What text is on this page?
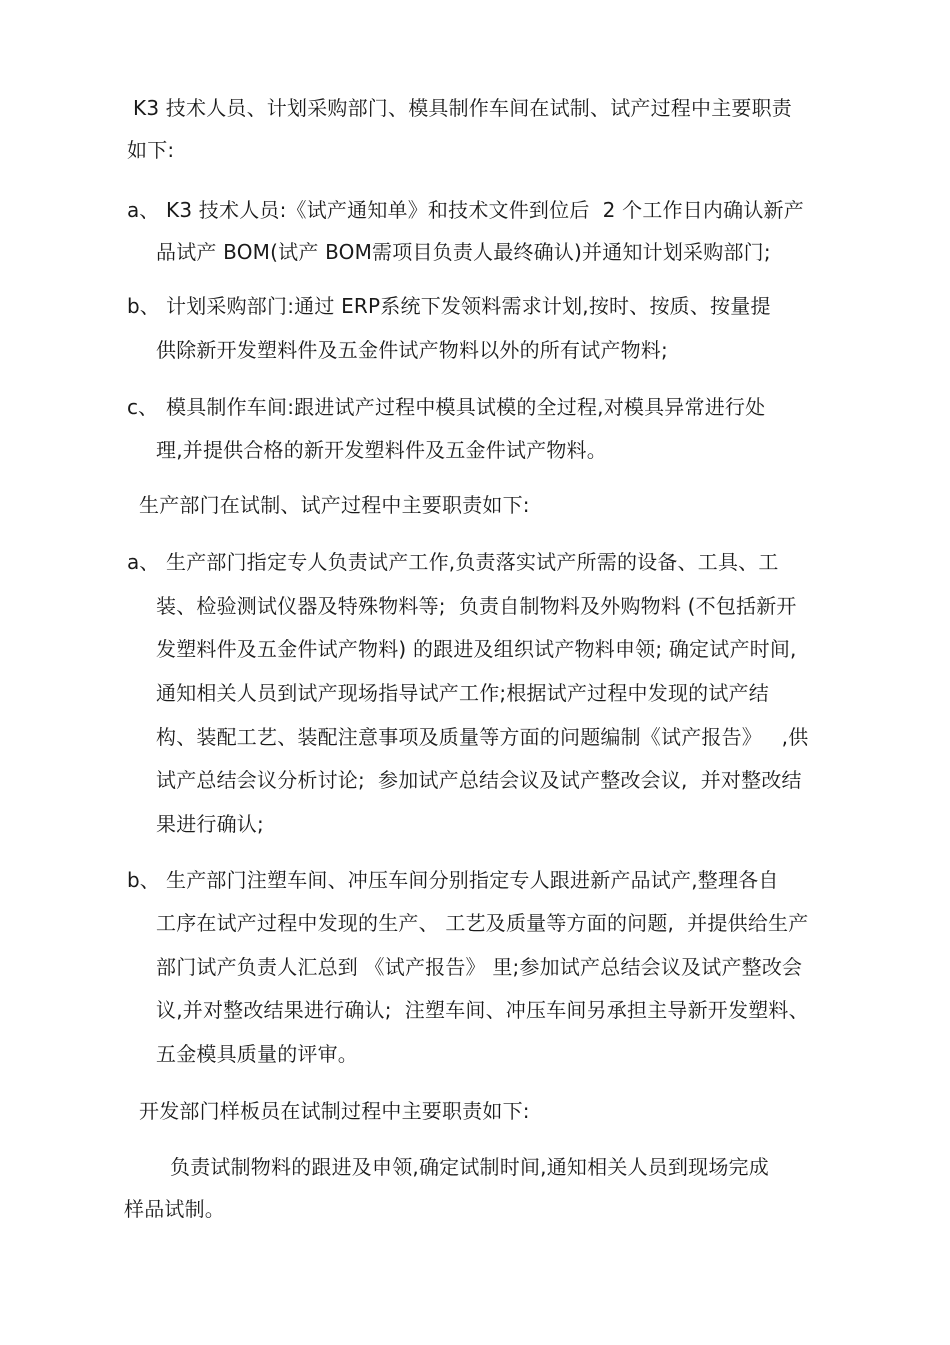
K3 技术人员、计划采购部门、模具制作车间在试制、试产过程中主要职责
如下:
a、 K3 技术人员:《试产通知单》和技术文件到位后  2 个工作日内确认新产
品试产 BOM(试产 BOM需项目负责人最终确认)并通知计划采购部门;
b、 计划采购部门:通过 ERP系统下发领料需求计划,按时、按质、按量提
供除新开发塑料件及五金件试产物料以外的所有试产物料;
c、 模具制作车间:跟进试产过程中模具试模的全过程,对模具异常进行处
理,并提供合格的新开发塑料件及五金件试产物料。
生产部门在试制、试产过程中主要职责如下:
a、 生产部门指定专人负责试产工作,负责落实试产所需的设备、工具、工
装、检验测试仪器及特殊物料等;  负责自制物料及外购物料 (不包括新开
发塑料件及五金件试产物料) 的跟进及组织试产物料申领; 确定试产时间,
通知相关人员到试产现场指导试产工作;根据试产过程中发现的试产结
构、装配工艺、装配注意事项及质量等方面的问题编制《试产报告》   ,供
试产总结会议分析讨论;  参加试产总结会议及试产整改会议,  并对整改结
果进行确认;
b、 生产部门注塑车间、冲压车间分别指定专人跟进新产品试产,整理各自
工序在试产过程中发现的生产、 工艺及质量等方面的问题,  并提供给生产
部门试产负责人汇总到 《试产报告》 里;参加试产总结会议及试产整改会
议,并对整改结果进行确认;  注塑车间、冲压车间另承担主导新开发塑料、
五金模具质量的评审。
开发部门样板员在试制过程中主要职责如下:
负责试制物料的跟进及申领,确定试制时间,通知相关人员到现场完成
样品试制。
